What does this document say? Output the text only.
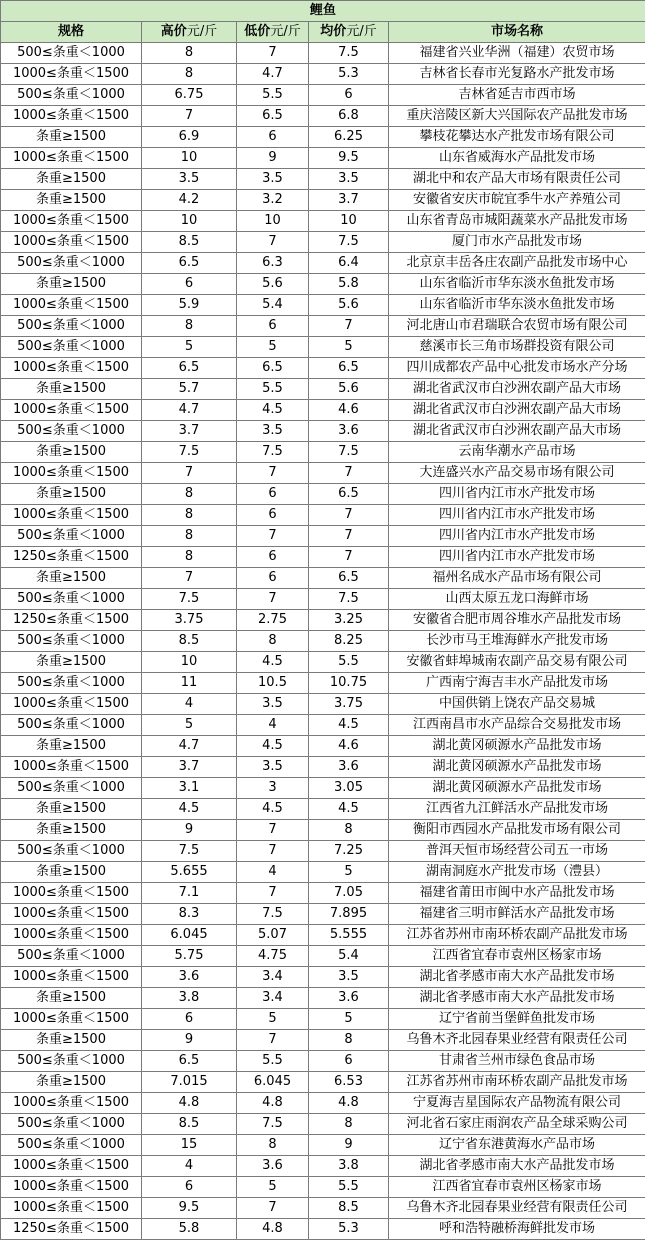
鲤鱼				
规格	高价元/斤	低价元/斤	均价元/斤	市场名称
500≤条重＜1000	8	7	7.5	福建省兴业华洲（福建）农贸市场
1000≤条重＜1500	8	4.7	5.3	吉林省长春市光复路水产批发市场
500≤条重＜1000	6.75	5.5	6	吉林省延吉市西市场
1000≤条重＜1500	7	6.5	6.8	重庆涪陵区新大兴国际农产品批发市场
条重≥1500	6.9	6	6.25	攀枝花攀达水产批发市场有限公司
1000≤条重＜1500	10	9	9.5	山东省威海水产品批发市场
条重≥1500	3.5	3.5	3.5	湖北中和农产品大市场有限责任公司
条重≥1500	4.2	3.2	3.7	安徽省安庆市皖宜季牛水产养殖公司
1000≤条重＜1500	10	10	10	山东省青岛市城阳蔬菜水产品批发市场
1000≤条重＜1500	8.5	7	7.5	厦门市水产品批发市场
500≤条重＜1000	6.5	6.3	6.4	北京京丰岳各庄农副产品批发市场中心
条重≥1500	6	5.6	5.8	山东省临沂市华东淡水鱼批发市场
1000≤条重＜1500	5.9	5.4	5.6	山东省临沂市华东淡水鱼批发市场
500≤条重＜1000	8	6	7	河北唐山市君瑞联合农贸市场有限公司
500≤条重＜1000	5	5	5	慈溪市长三角市场群投资有限公司
1000≤条重＜1500	6.5	6.5	6.5	四川成都农产品中心批发市场水产分场
条重≥1500	5.7	5.5	5.6	湖北省武汉市白沙洲农副产品大市场
1000≤条重＜1500	4.7	4.5	4.6	湖北省武汉市白沙洲农副产品大市场
500≤条重＜1000	3.7	3.5	3.6	湖北省武汉市白沙洲农副产品大市场
条重≥1500	7.5	7.5	7.5	云南华潮水产品市场
1000≤条重＜1500	7	7	7	大连盛兴水产品交易市场有限公司
条重≥1500	8	6	6.5	四川省内江市水产批发市场
1000≤条重＜1500	8	6	7	四川省内江市水产批发市场
500≤条重＜1000	8	7	7	四川省内江市水产批发市场
1250≤条重＜1500	8	6	7	四川省内江市水产批发市场
条重≥1500	7	6	6.5	福州名成水产品市场有限公司
500≤条重＜1000	7.5	7	7.5	山西太原五龙口海鲜市场
1250≤条重＜1500	3.75	2.75	3.25	安徽省合肥市周谷堆水产品批发市场
500≤条重＜1000	8.5	8	8.25	长沙市马王堆海鲜水产批发市场
条重≥1500	10	4.5	5.5	安徽省蚌埠城南农副产品交易有限公司
500≤条重＜1000	11	10.5	10.75	广西南宁海吉丰水产品批发市场
1000≤条重＜1500	4	3.5	3.75	中国供销上饶农产品交易城
500≤条重＜1000	5	4	4.5	江西南昌市水产品综合交易批发市场
条重≥1500	4.7	4.5	4.6	湖北黄冈硕源水产品批发市场
1000≤条重＜1500	3.7	3.5	3.6	湖北黄冈硕源水产品批发市场
500≤条重＜1000	3.1	3	3.05	湖北黄冈硕源水产品批发市场
条重≥1500	4.5	4.5	4.5	江西省九江鲜活水产品批发市场
条重≥1500	9	7	8	衡阳市西园水产品批发市场有限公司
500≤条重＜1000	7.5	7	7.25	普洱天恒市场经营公司五一市场
条重≥1500	5.655	4	5	湖南洞庭水产批发市场（澧县）
1000≤条重＜1500	7.1	7	7.05	福建省莆田市闽中水产品批发市场
1000≤条重＜1500	8.3	7.5	7.895	福建省三明市鲜活水产品批发市场
1000≤条重＜1500	6.045	5.07	5.555	江苏省苏州市南环桥农副产品批发市场
500≤条重＜1000	5.75	4.75	5.4	江西省宜春市袁州区杨家市场
1000≤条重＜1500	3.6	3.4	3.5	湖北省孝感市南大水产品批发市场
条重≥1500	3.8	3.4	3.6	湖北省孝感市南大水产品批发市场
1000≤条重＜1500	6	5	5	辽宁省前当堡鲜鱼批发市场
条重≥1500	9	7	8	乌鲁木齐北园春果业经营有限责任公司
500≤条重＜1000	6.5	5.5	6	甘肃省兰州市绿色食品市场
条重≥1500	7.015	6.045	6.53	江苏省苏州市南环桥农副产品批发市场
1000≤条重＜1500	4.8	4.8	4.8	宁夏海吉星国际农产品物流有限公司
500≤条重＜1000	8.5	7.5	8	河北省石家庄雨润农产品全球采购公司
500≤条重＜1000	15	8	9	辽宁省东港黄海水产品市场
1000≤条重＜1500	4	3.6	3.8	湖北省孝感市南大水产品批发市场
1000≤条重＜1500	6	5	5.5	江西省宜春市袁州区杨家市场
1000≤条重＜1500	9.5	7	8.5	乌鲁木齐北园春果业经营有限责任公司
1250≤条重＜1500	5.8	4.8	5.3	呼和浩特融桥海鲜批发市场
